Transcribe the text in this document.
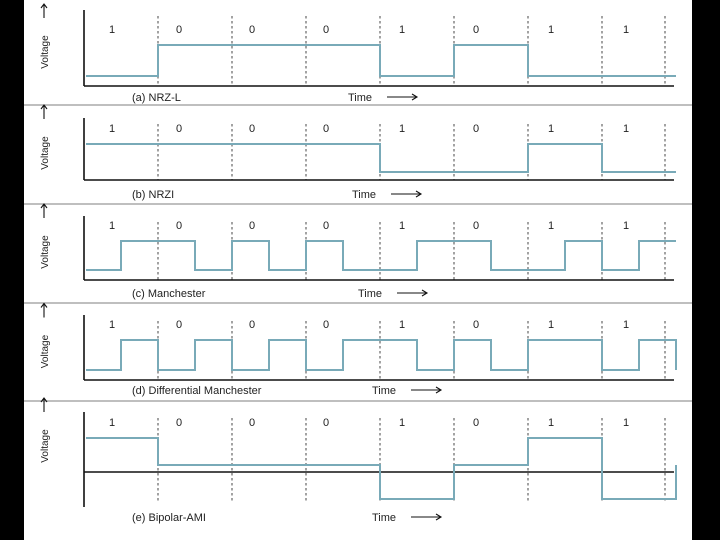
1	0	0	0	1	0	1	1
Voltage
(a) NRZ-L	Time
1	0	0	0	1	0	1	1
Voltage
(b) NRZI	Time
1	0	0	0	1	0	1	1
Voltage
(c) Manchester	Time
1	0	0	0	1	0	1	1
Voltage
(d) Differential Manchester	Time
1	0	0	0	1	0	1	1
Voltage
(e) Bipolar-AMI	Time
